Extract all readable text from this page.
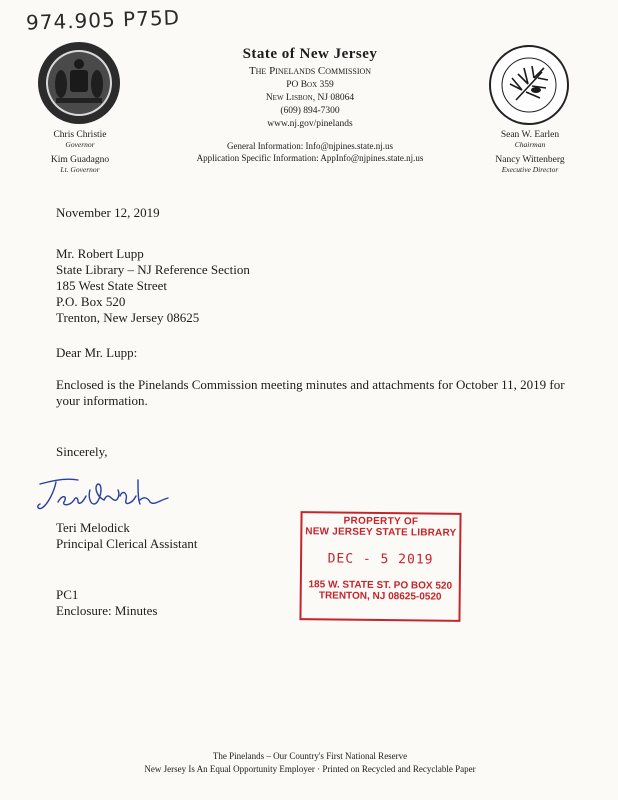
974.905 P75D
State of New Jersey
The Pinelands Commission
PO Box 359
New Lisbon, NJ 08064
(609) 894-7300
www.nj.gov/pinelands
General Information: Info@njpines.state.nj.us
Application Specific Information: AppInfo@njpines.state.nj.us
Chris Christie
Governor
Kim Guadagno
Lt. Governor
Sean W. Earlen
Chairman
Nancy Wittenberg
Executive Director
November 12, 2019
Mr. Robert Lupp
State Library – NJ Reference Section
185 West State Street
P.O. Box 520
Trenton, New Jersey 08625
Dear Mr. Lupp:
Enclosed is the Pinelands Commission meeting minutes and attachments for October 11, 2019 for your information.
Sincerely,
Teri Melodick
Principal Clerical Assistant
PC1
Enclosure: Minutes
PROPERTY OF
NEW JERSEY STATE LIBRARY
DEC - 5 2019
185 W. STATE ST. PO BOX 520
TRENTON, NJ 08625-0520
The Pinelands – Our Country's First National Reserve
New Jersey Is An Equal Opportunity Employer · Printed on Recycled and Recyclable Paper
